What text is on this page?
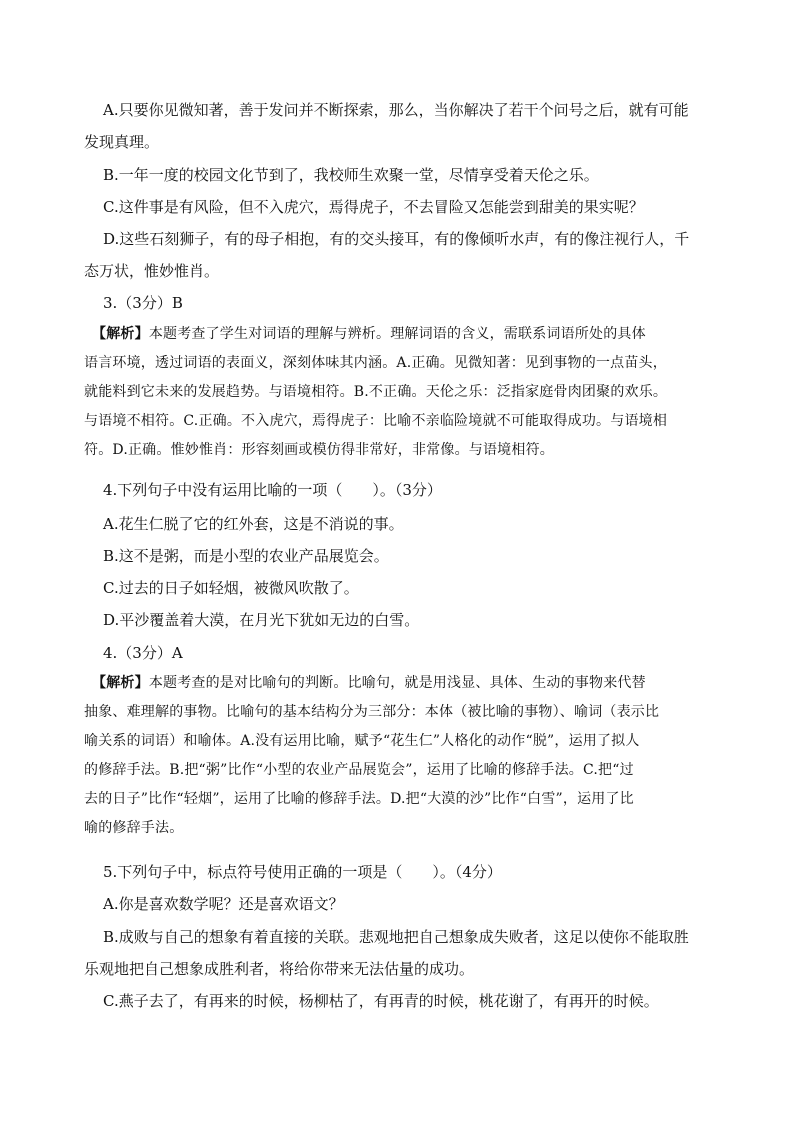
A.只要你见微知著，善于发问并不断探索，那么，当你解决了若干个问号之后，就有可能

发现真理。

B.一年一度的校园文化节到了，我校师生欢聚一堂，尽情享受着天伦之乐。

C.这件事是有风险，但不入虎穴，焉得虎子，不去冒险又怎能尝到甜美的果实呢？

D.这些石刻狮子，有的母子相抱，有的交头接耳，有的像倾听水声，有的像注视行人，千

态万状，惟妙惟肖。

3.（3分）B

【解析】本题考查了学生对词语的理解与辨析。理解词语的含义，需联系词语所处的具体

语言环境，透过词语的表面义，深刻体味其内涵。A.正确。见微知著：见到事物的一点苗头，

就能料到它未来的发展趋势。与语境相符。B.不正确。天伦之乐：泛指家庭骨肉团聚的欢乐。

与语境不相符。C.正确。不入虎穴，焉得虎子：比喻不亲临险境就不可能取得成功。与语境相

符。D.正确。惟妙惟肖：形容刻画或模仿得非常好，非常像。与语境相符。

4.下列句子中没有运用比喻的一项（　　）。（3分）

A.花生仁脱了它的红外套，这是不消说的事。

B.这不是粥，而是小型的农业产品展览会。

C.过去的日子如轻烟，被微风吹散了。

D.平沙覆盖着大漠，在月光下犹如无边的白雪。

4.（3分）A

【解析】本题考查的是对比喻句的判断。比喻句，就是用浅显、具体、生动的事物来代替

抽象、难理解的事物。比喻句的基本结构分为三部分：本体（被比喻的事物）、喻词（表示比

喻关系的词语）和喻体。A.没有运用比喻，赋予“花生仁”人格化的动作“脱”，运用了拟人

的修辞手法。B.把“粥”比作“小型的农业产品展览会”，运用了比喻的修辞手法。C.把“过

去的日子”比作“轻烟”，运用了比喻的修辞手法。D.把“大漠的沙”比作“白雪”，运用了比

喻的修辞手法。

5.下列句子中，标点符号使用正确的一项是（　　）。（4分）

A.你是喜欢数学呢？还是喜欢语文？

B.成败与自己的想象有着直接的关联。悲观地把自己想象成失败者，这足以使你不能取胜

乐观地把自己想象成胜利者，将给你带来无法估量的成功。

C.燕子去了，有再来的时候，杨柳枯了，有再青的时候，桃花谢了，有再开的时候。
